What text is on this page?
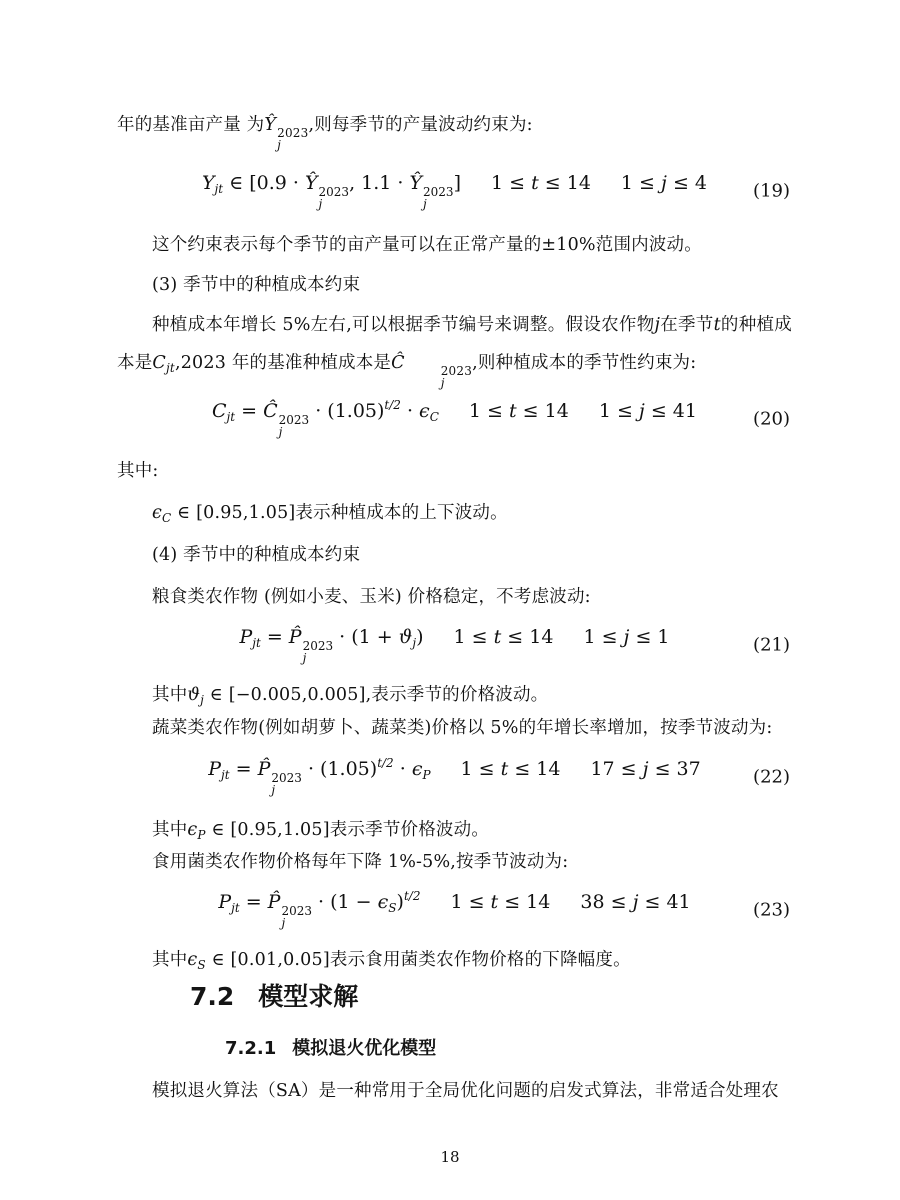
18
年的基准亩产量 为Ŷ 2023
j
,则每季节的产量波动约束为:
$Y_{jt}$ ∈ [0.9 · Ŷ 2023
j
, 1.1 · Ŷ 2023
j
] 1 ≤ t ≤ 14 1 ≤ j ≤ 4	(19)
这个约束表示每个季节的亩产量可以在正常产量的±10%范围内波动。
(3) 季节中的种植成本约束
种植成本年增长 5%左右,可以根据季节编号来调整。假设农作物j在季节t的种植成本是$C_{jt},2023$ 年的基准种植成本是Ĉ	2023
j
,则种植成本的季节性约束为:
$C_{jt}$ = Ĉ 2023
j
· $(1.05)^{t/2} \cdot \epsilon_C$ 1 ≤ t ≤ 14 1 ≤ j ≤ 41	(20)
其中:
$\epsilon_C$ ∈ [0.95,1.05]表示种植成本的上下波动。
(4) 季节中的种植成本约束
粮食类农作物 (例如小麦、玉米) 价格稳定，不考虑波动:
$P_{jt}$ = P̂ 2023
j
· $(1 + ϑ_j)$ 1 ≤ t ≤ 14 1 ≤ j ≤ 1	(21)
其中$ϑ_j$ ∈ [−0.005,0.005],表示季节的价格波动。
蔬菜类农作物(例如胡萝卜、蔬菜类)价格以 5%的年增长率增加，按季节波动为:
$P_{jt}$ = P̂ 2023
j
· $(1.05)^{t/2} \cdot \epsilon_P$ 1 ≤ t ≤ 14 17 ≤ j ≤ 37	(22)
其中$\epsilon_P$ ∈ [0.95,1.05]表示季节价格波动。
食用菌类农作物价格每年下降 1%-5%,按季节波动为:
$P_{jt}$ = P̂ 2023
j
· $(1 - \epsilon_S)^{t/2}$ 1 ≤ t ≤ 14 38 ≤ j ≤ 41	(23)
其中$\epsilon_S$ ∈ [0.01,0.05]表示食用菌类农作物价格的下降幅度。
7.2 模型求解
7.2.1 模拟退火优化模型
模拟退火算法（SA）是一种常用于全局优化问题的启发式算法，非常适合处理农
